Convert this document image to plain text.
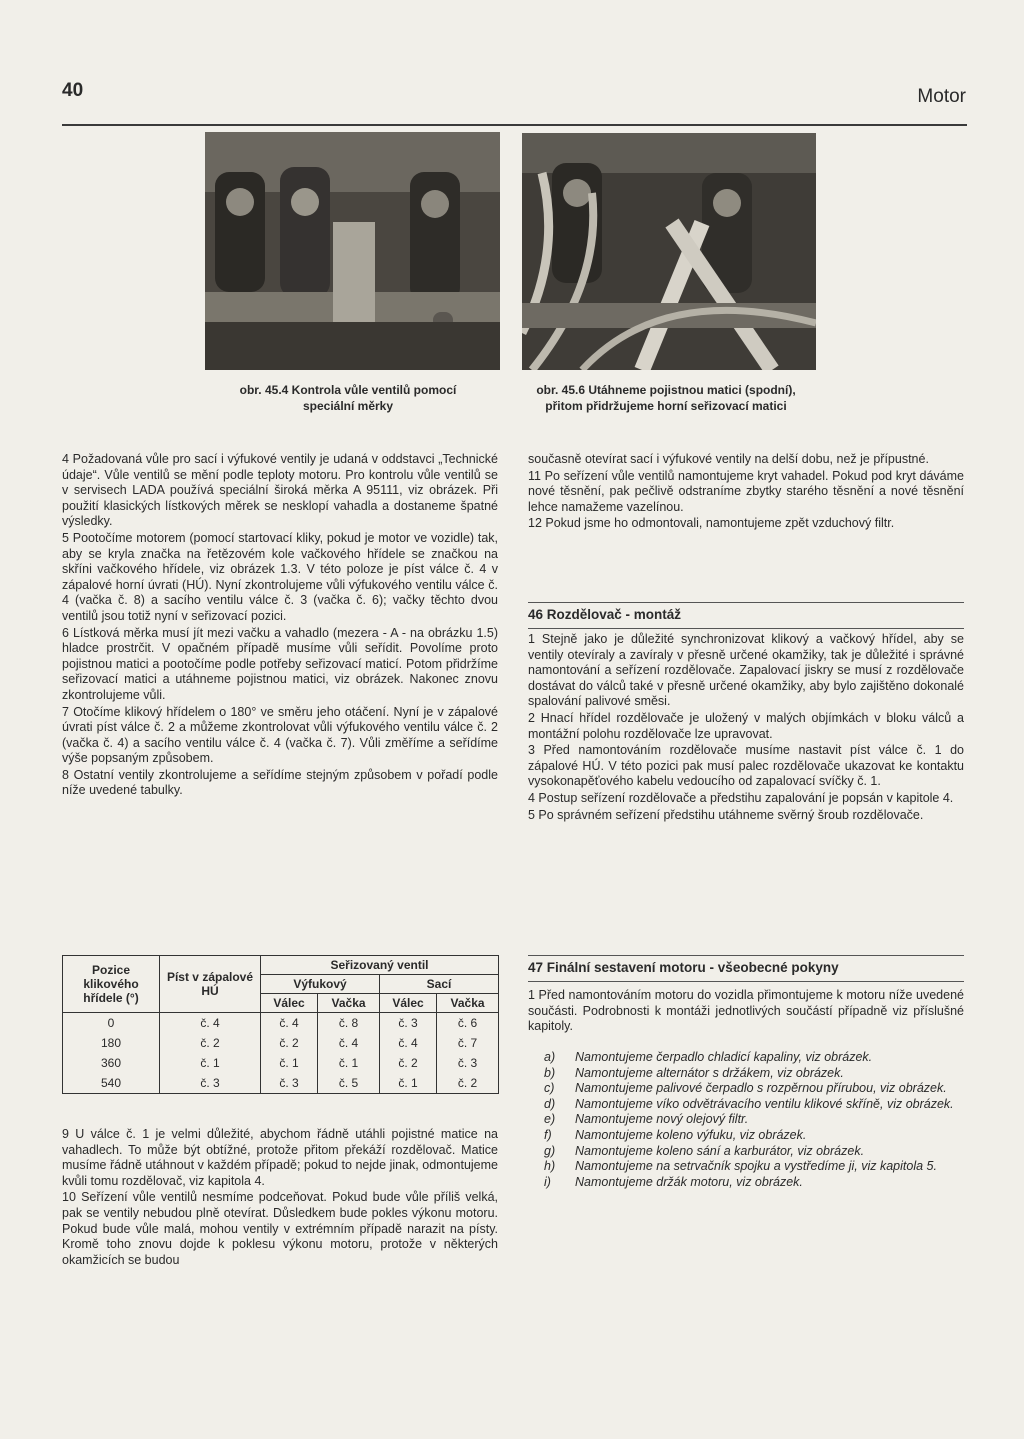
40	Motor
obr. 45.4 Kontrola vůle ventilů pomocí speciální měrky
obr. 45.6 Utáhneme pojistnou matici (spodní), přitom přidržujeme horní seřizovací matici

4 Požadovaná vůle pro sací i výfukové ventily je udaná v oddstavci „Technické údaje“. Vůle ventilů se mění podle teploty motoru. Pro kontrolu vůle ventilů se v servisech LADA používá speciální široká měrka A 95111, viz obrázek. Při použití klasických lístkových měrek se nesklopí vahadla a dostaneme špatné výsledky.

5 Pootočíme motorem (pomocí startovací kliky, pokud je motor ve vozidle) tak, aby se kryla značka na řetězovém kole vačkového hřídele se značkou na skříni vačkového hřídele, viz obrázek 1.3. V této poloze je píst válce č. 4 v zápalové horní úvrati (HÚ). Nyní zkontrolujeme vůli výfukového ventilu válce č. 4 (vačka č. 8) a sacího ventilu válce č. 3 (vačka č. 6); vačky těchto dvou ventilů jsou totiž nyní v seřizovací pozici.

6 Lístková měrka musí jít mezi vačku a vahadlo (mezera - A - na obrázku 1.5) hladce prostrčit. V opačném případě musíme vůli seřídit. Povolíme proto pojistnou matici a pootočíme podle potřeby seřizovací maticí. Potom přidržíme seřizovací matici a utáhneme pojistnou matici, viz obrázek. Nakonec znovu zkontrolujeme vůli.

7 Otočíme klikový hřídelem o 180° ve směru jeho otáčení. Nyní je v zápalové úvrati píst válce č. 2 a můžeme zkontrolovat vůli výfukového ventilu válce č. 2 (vačka č. 4) a sacího ventilu válce č. 4 (vačka č. 7). Vůli změříme a seřídíme výše popsaným způsobem.

8 Ostatní ventily zkontrolujeme a seřídíme stejným způsobem v pořadí podle níže uvedené tabulky.

Pozice klikového hřídele (°)	Píst v zápalové HÚ	Seřizovaný ventil			
		Výfukový		Sací	
		Válec	Vačka	Válec	Vačka
0	č. 4	č. 4	č. 8	č. 3	č. 6
180	č. 2	č. 2	č. 4	č. 4	č. 7
360	č. 1	č. 1	č. 1	č. 2	č. 3
540	č. 3	č. 3	č. 5	č. 1	č. 2

9 U válce č. 1 je velmi důležité, abychom řádně utáhli pojistné matice na vahadlech. To může být obtížné, protože přitom překáží rozdělovač. Matice musíme řádně utáhnout v každém případě; pokud to nejde jinak, odmontujeme kvůli tomu rozdělovač, viz kapitola 4.

10 Seřízení vůle ventilů nesmíme podceňovat. Pokud bude vůle příliš velká, pak se ventily nebudou plně otevírat. Důsledkem bude pokles výkonu motoru. Pokud bude vůle malá, mohou ventily v extrémním případě narazit na písty. Kromě toho znovu dojde k poklesu výkonu motoru, protože v některých okamžicích se budou

současně otevírat sací i výfukové ventily na delší dobu, než je přípustné.

11 Po seřízení vůle ventilů namontujeme kryt vahadel. Pokud pod kryt dáváme nové těsnění, pak pečlivě odstraníme zbytky starého těsnění a nové těsnění lehce namažeme vazelínou.

12 Pokud jsme ho odmontovali, namontujeme zpět vzduchový filtr.

46 Rozdělovač - montáž

1 Stejně jako je důležité synchronizovat klikový a vačkový hřídel, aby se ventily otevíraly a zavíraly v přesně určené okamžiky, tak je důležité i správné namontování a seřízení rozdělovače. Zapalovací jiskry se musí z rozdělovače dostávat do válců také v přesně určené okamžiky, aby bylo zajištěno dokonalé spalování palivové směsi.

2 Hnací hřídel rozdělovače je uložený v malých objímkách v bloku válců a montážní polohu rozdělovače lze upravovat.

3 Před namontováním rozdělovače musíme nastavit píst válce č. 1 do zápalové HÚ. V této pozici pak musí palec rozdělovače ukazovat ke kontaktu vysokonapěťového kabelu vedoucího od zapalovací svíčky č. 1.

4 Postup seřízení rozdělovače a předstihu zapalování je popsán v kapitole 4.

5 Po správném seřízení předstihu utáhneme svěrný šroub rozdělovače.

47 Finální sestavení motoru - všeobecné pokyny

1 Před namontováním motoru do vozidla přimontujeme k motoru níže uvedené součásti. Podrobnosti k montáži jednotlivých součástí případně viz příslušné kapitoly.

a)	Namontujeme čerpadlo chladicí kapaliny, viz obrázek.
b)	Namontujeme alternátor s držákem, viz obrázek.
c)	Namontujeme palivové čerpadlo s rozpěrnou přírubou, viz obrázek.
d)	Namontujeme víko odvětrávacího ventilu klikové skříně, viz obrázek.
e)	Namontujeme nový olejový filtr.
f)	Namontujeme koleno výfuku, viz obrázek.
g)	Namontujeme koleno sání a karburátor, viz obrázek.
h)	Namontujeme na setrvačník spojku a vystředíme ji, viz kapitola 5.
i)	Namontujeme držák motoru, viz obrázek.
